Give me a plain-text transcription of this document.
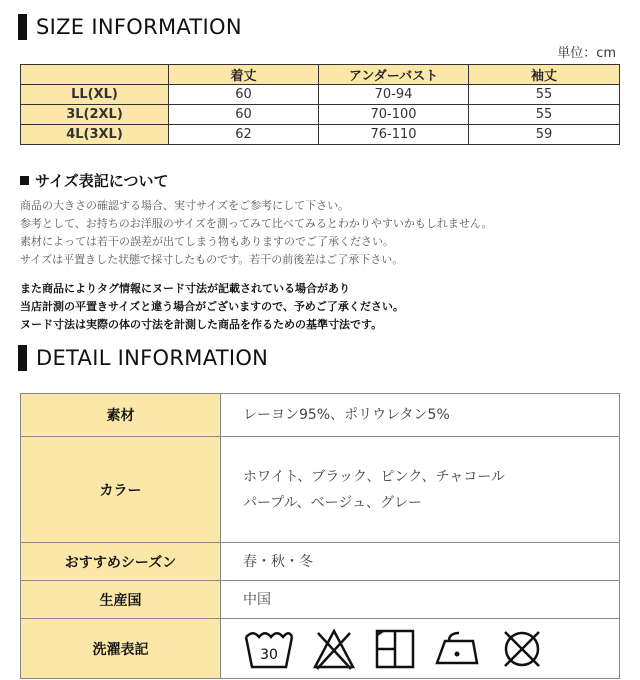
SIZE INFORMATION
単位：cm
	着丈	アンダーバスト	袖丈
LL(XL)	60	70-94	55
3L(2XL)	60	70-100	55
4L(3XL)	62	76-110	59
サイズ表記について
商品の大きさの確認する場合、実寸サイズをご参考にして下さい。
参考として、お持ちのお洋服のサイズを測ってみて比べてみるとわかりやすいかもしれません。
素材によっては若干の誤差が出てしまう物もありますのでご了承ください。
サイズは平置きした状態で採寸したものです。若干の前後差はご了承下さい。
また商品によりタグ情報にヌード寸法が記載されている場合があり
当店計測の平置きサイズと違う場合がございますので、予めご了承ください。
ヌード寸法は実際の体の寸法を計測した商品を作るための基準寸法です。
DETAIL INFORMATION
素材	レーヨン95%、ポリウレタン5%
カラー	ホワイト、ブラック、ピンク、チャコール
パープル、ベージュ、グレー

おすすめシーズン	春・秋・冬
生産国	中国
洗濯表記	30
